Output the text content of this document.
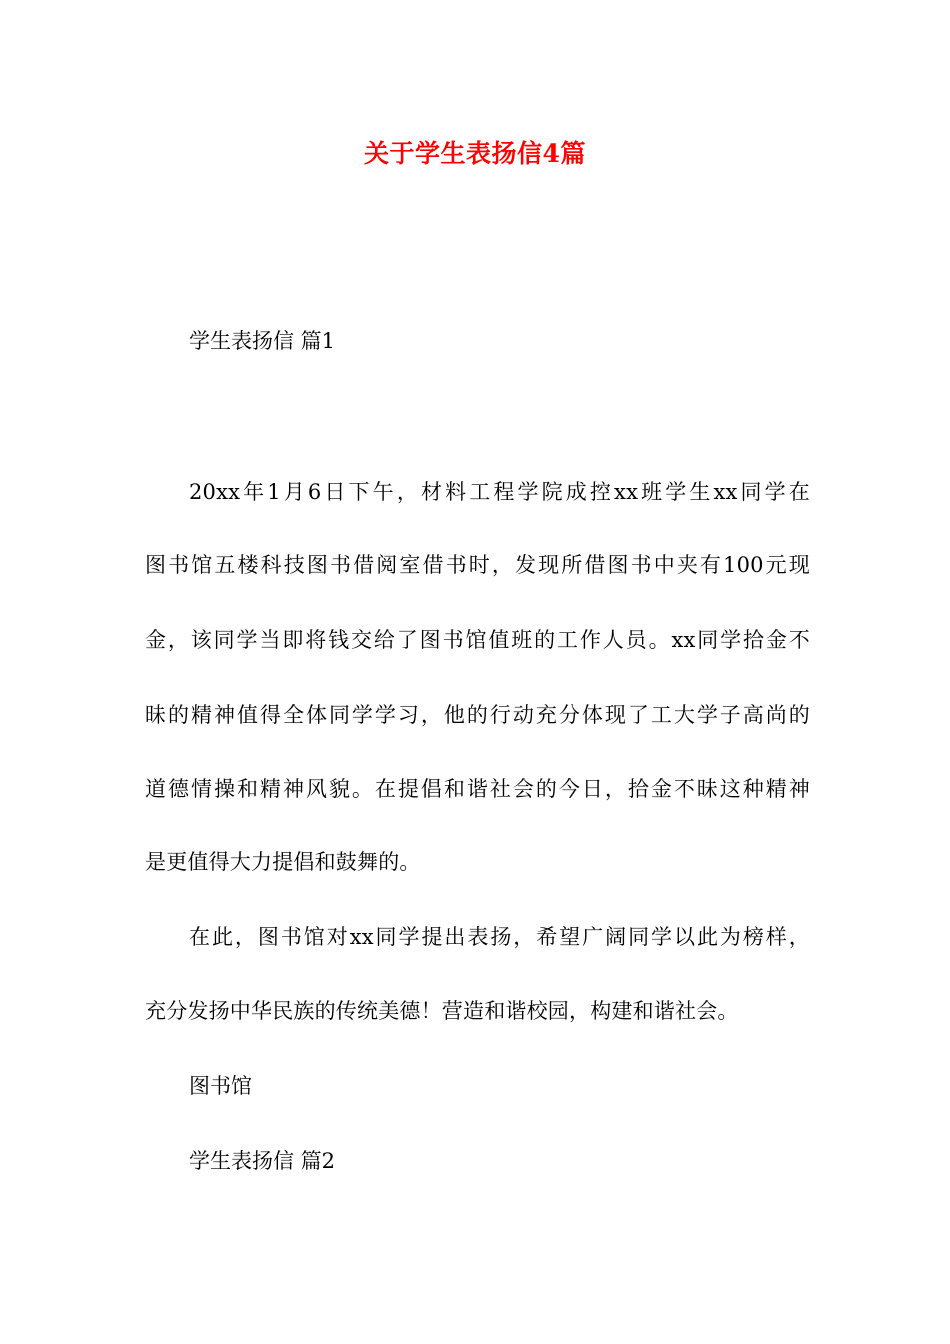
关于学生表扬信4篇
学生表扬信 篇1
20xx年1月6日下午，材料工程学院成控xx班学生xx同学在
图书馆五楼科技图书借阅室借书时，发现所借图书中夹有100元现
金，该同学当即将钱交给了图书馆值班的工作人员。xx同学拾金不
昧的精神值得全体同学学习，他的行动充分体现了工大学子高尚的
道德情操和精神风貌。在提倡和谐社会的今日，拾金不昧这种精神
是更值得大力提倡和鼓舞的。
在此，图书馆对xx同学提出表扬，希望广阔同学以此为榜样，
充分发扬中华民族的传统美德！营造和谐校园，构建和谐社会。
图书馆
学生表扬信 篇2
